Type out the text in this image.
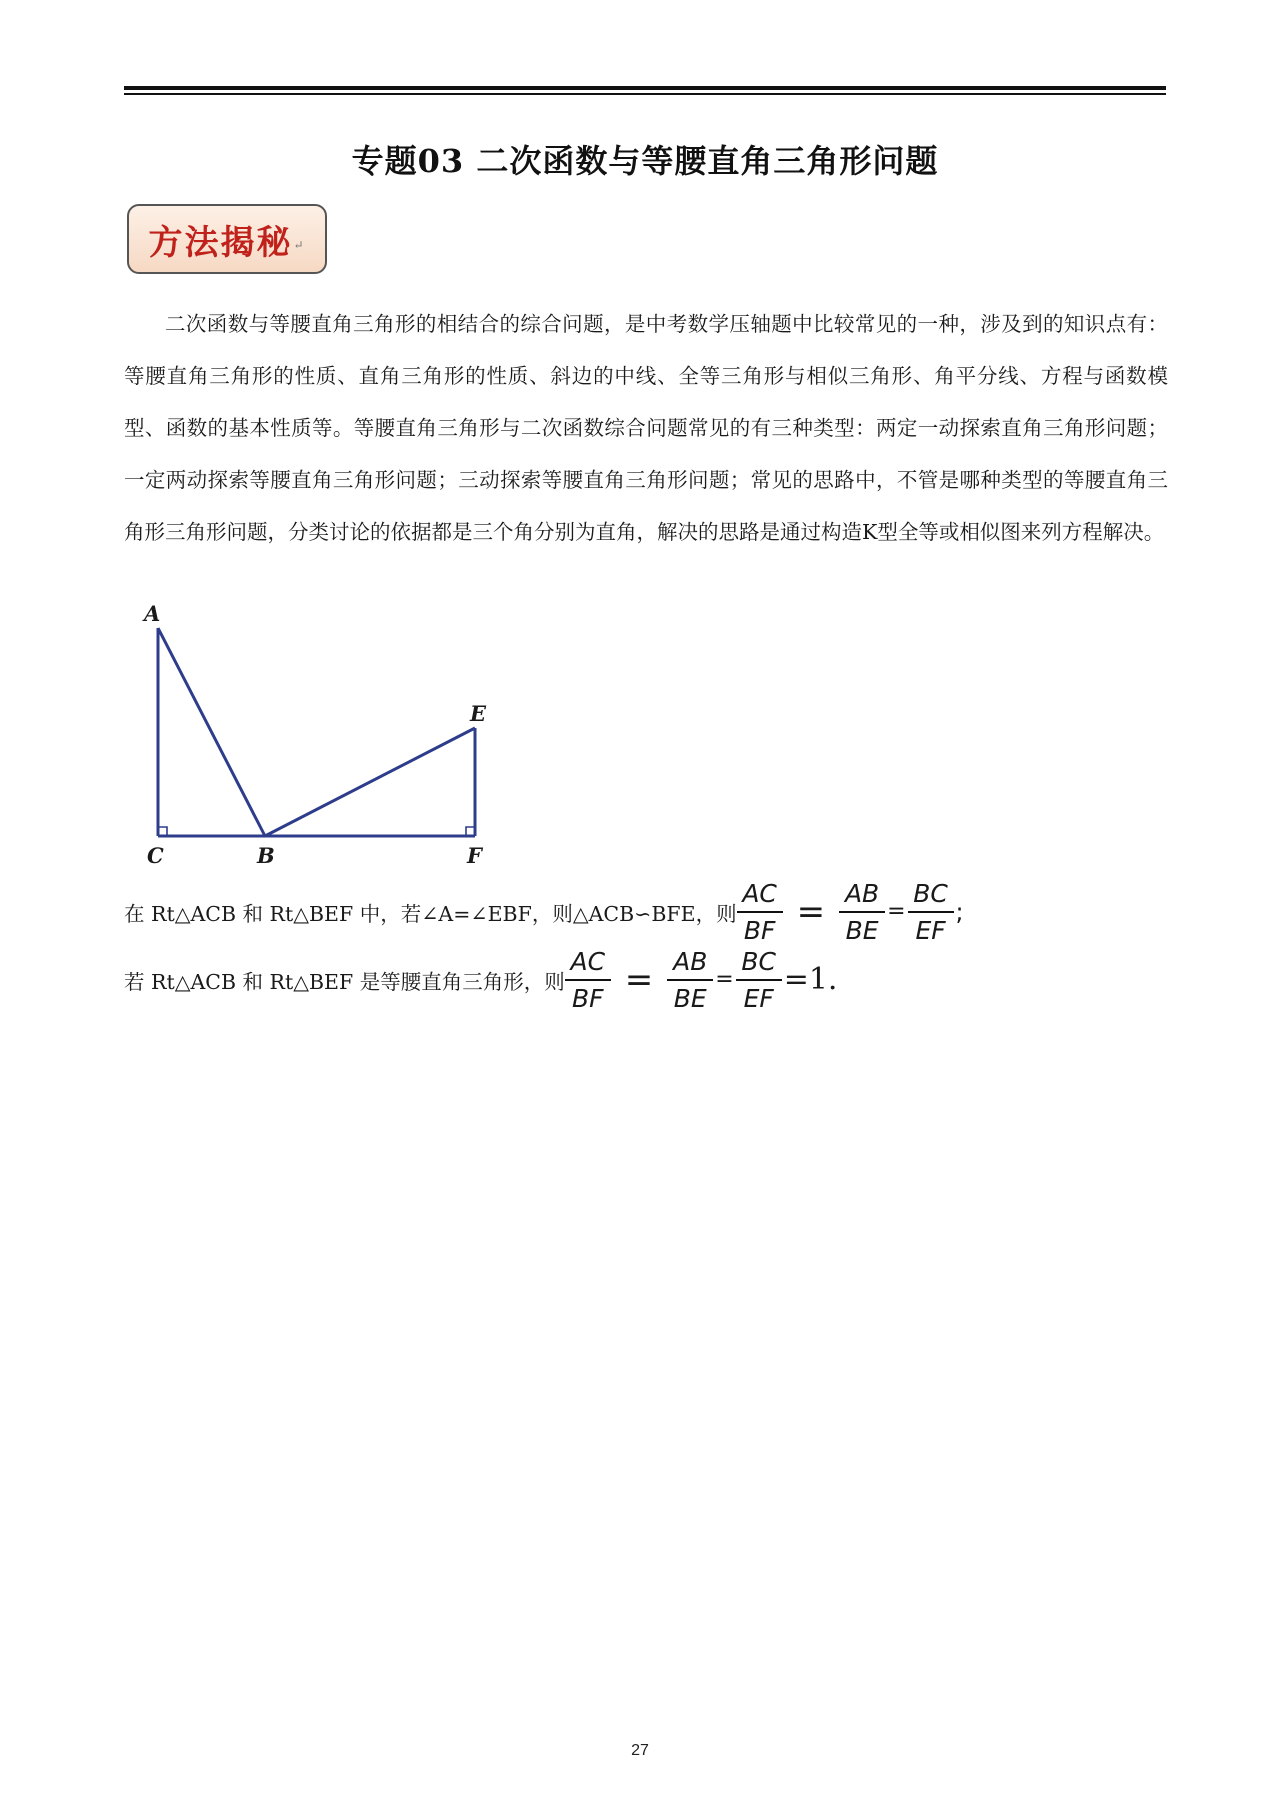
专题03 二次函数与等腰直角三角形问题
方法揭秘 ↵
二次函数与等腰直角三角形的相结合的综合问题，是中考数学压轴题中比较常见的一种，涉及到的知识点有：等腰直角三角形的性质、直角三角形的性质、斜边的中线、全等三角形与相似三角形、角平分线、方程与函数模型、函数的基本性质等。等腰直角三角形与二次函数综合问题常见的有三种类型：两定一动探索直角三角形问题；一定两动探索等腰直角三角形问题；三动探索等腰直角三角形问题；常见的思路中，不管是哪种类型的等腰直角三角形三角形问题，分类讨论的依据都是三个角分别为直角，解决的思路是通过构造K型全等或相似图来列方程解决。
A
E
C	B	F
在 Rt△ACB 和 Rt△BEF 中，若∠A=∠EBF，则△ACB∽BFE，则 $\frac{AC}{BF} = \frac{AB}{BE} = \frac{BC}{EF}$ ;
若 Rt△ACB 和 Rt△BEF 是等腰直角三角形，则 $\frac{AC}{BF} = \frac{AB}{BE} = \frac{BC}{EF} =1$.
27
